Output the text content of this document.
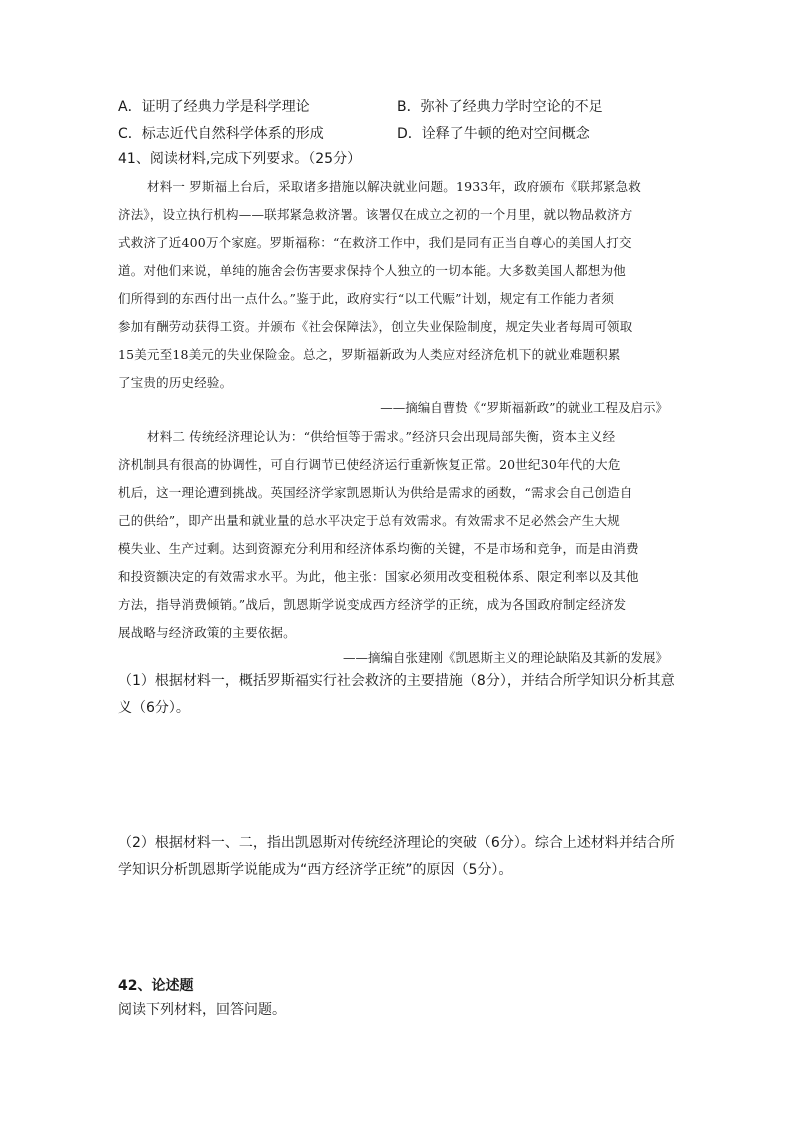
A．证明了经典力学是科学理论	B．弥补了经典力学时空论的不足
C．标志近代自然科学体系的形成	D．诠释了牛顿的绝对空间概念
41、阅读材料,完成下列要求。（25分）
材料一 罗斯福上台后，采取诸多措施以解决就业问题。1933年，政府颁布《联邦紧急救
济法》，设立执行机构——联邦紧急救济署。该署仅在成立之初的一个月里，就以物品救济方
式救济了近400万个家庭。罗斯福称：“在救济工作中，我们是同有正当自尊心的美国人打交
道。对他们来说，单纯的施舍会伤害要求保持个人独立的一切本能。大多数美国人都想为他
们所得到的东西付出一点什么。”鉴于此，政府实行“以工代赈”计划，规定有工作能力者须
参加有酬劳动获得工资。并颁布《社会保障法》，创立失业保险制度，规定失业者每周可领取
15美元至18美元的失业保险金。总之，罗斯福新政为人类应对经济危机下的就业难题积累
了宝贵的历史经验。
——摘编自曹贽《“罗斯福新政”的就业工程及启示》
材料二 传统经济理论认为：“供给恒等于需求。”经济只会出现局部失衡，资本主义经
济机制具有很高的协调性，可自行调节已使经济运行重新恢复正常。20世纪30年代的大危
机后，这一理论遭到挑战。英国经济学家凯恩斯认为供给是需求的函数，“需求会自己创造自
己的供给”，即产出量和就业量的总水平决定于总有效需求。有效需求不足必然会产生大规
模失业、生产过剩。达到资源充分利用和经济体系均衡的关键，不是市场和竞争，而是由消费
和投资额决定的有效需求水平。为此，他主张：国家必须用改变租税体系、限定利率以及其他
方法，指导消费倾销。”战后，凯恩斯学说变成西方经济学的正统，成为各国政府制定经济发
展战略与经济政策的主要依据。
——摘编自张建刚《凯恩斯主义的理论缺陷及其新的发展》
（1）根据材料一，概括罗斯福实行社会救济的主要措施（8分），并结合所学知识分析其意
义（6分）。
（2）根据材料一、二，指出凯恩斯对传统经济理论的突破（6分）。综合上述材料并结合所
学知识分析凯恩斯学说能成为“西方经济学正统”的原因（5分）。
42、论述题
阅读下列材料，回答问题。
